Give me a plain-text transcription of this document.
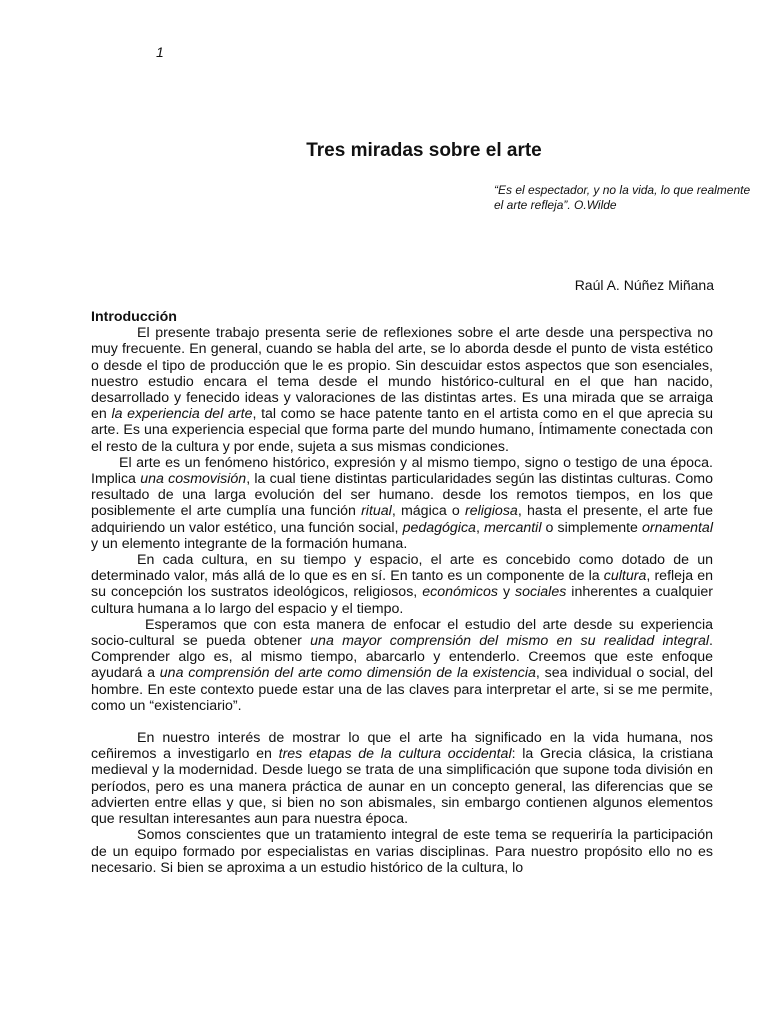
1
Tres miradas sobre el arte
“Es el espectador, y no la vida, lo que realmente el arte refleja”. O.Wilde
Raúl A. Núñez Miñana
Introducción

El presente trabajo presenta serie de reflexiones sobre el arte desde una perspectiva no muy frecuente. En general, cuando se habla del arte, se lo aborda desde el punto de vista estético o desde el tipo de producción que le es propio. Sin descuidar estos aspectos que son esenciales, nuestro estudio encara el tema desde el mundo histórico-cultural en el que han nacido, desarrollado y fenecido ideas y valoraciones de las distintas artes. Es una mirada que se arraiga en la experiencia del arte, tal como se hace patente tanto en el artista como en el que aprecia su arte. Es una experiencia especial que forma parte del mundo humano, Íntimamente conectada con el resto de la cultura y por ende, sujeta a sus mismas condiciones.

El arte es un fenómeno histórico, expresión y al mismo tiempo, signo o testigo de una época. Implica una cosmovisión, la cual tiene distintas particularidades según las distintas culturas. Como resultado de una larga evolución del ser humano. desde los remotos tiempos, en los que posiblemente el arte cumplía una función ritual, mágica o religiosa, hasta el presente, el arte fue adquiriendo un valor estético, una función social, pedagógica, mercantil o simplemente ornamental y un elemento integrante de la formación humana.

En cada cultura, en su tiempo y espacio, el arte es concebido como dotado de un determinado valor, más allá de lo que es en sí. En tanto es un componente de la cultura, refleja en su concepción los sustratos ideológicos, religiosos, económicos y sociales inherentes a cualquier cultura humana a lo largo del espacio y el tiempo.

Esperamos que con esta manera de enfocar el estudio del arte desde su experiencia socio-cultural se pueda obtener una mayor comprensión del mismo en su realidad integral. Comprender algo es, al mismo tiempo, abarcarlo y entenderlo. Creemos que este enfoque ayudará a una comprensión del arte como dimensión de la existencia, sea individual o social, del hombre. En este contexto puede estar una de las claves para interpretar el arte, si se me permite, como un “existenciario”.

En nuestro interés de mostrar lo que el arte ha significado en la vida humana, nos ceñiremos a investigarlo en tres etapas de la cultura occidental: la Grecia clásica, la cristiana medieval y la modernidad. Desde luego se trata de una simplificación que supone toda división en períodos, pero es una manera práctica de aunar en un concepto general, las diferencias que se advierten entre ellas y que, si bien no son abismales, sin embargo contienen algunos elementos que resultan interesantes aun para nuestra época.

Somos conscientes que un tratamiento integral de este tema se requeriría la participación de un equipo formado por especialistas en varias disciplinas. Para nuestro propósito ello no es necesario. Si bien se aproxima a un estudio histórico de la cultura, lo
